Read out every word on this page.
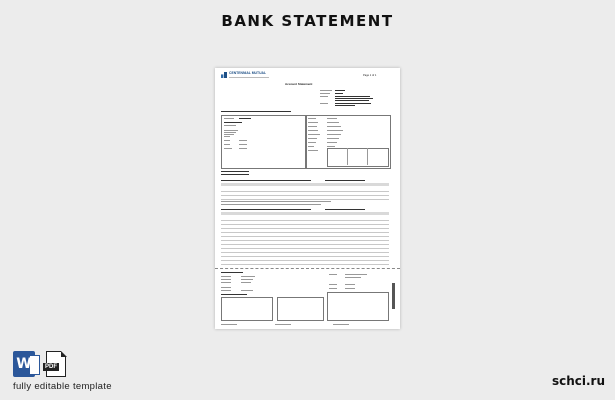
BANK STATEMENT
CENTENNIAL MUTUAL
Page 1 of 1
Account Statement
W	PDF
fully editable template	schci.ru
